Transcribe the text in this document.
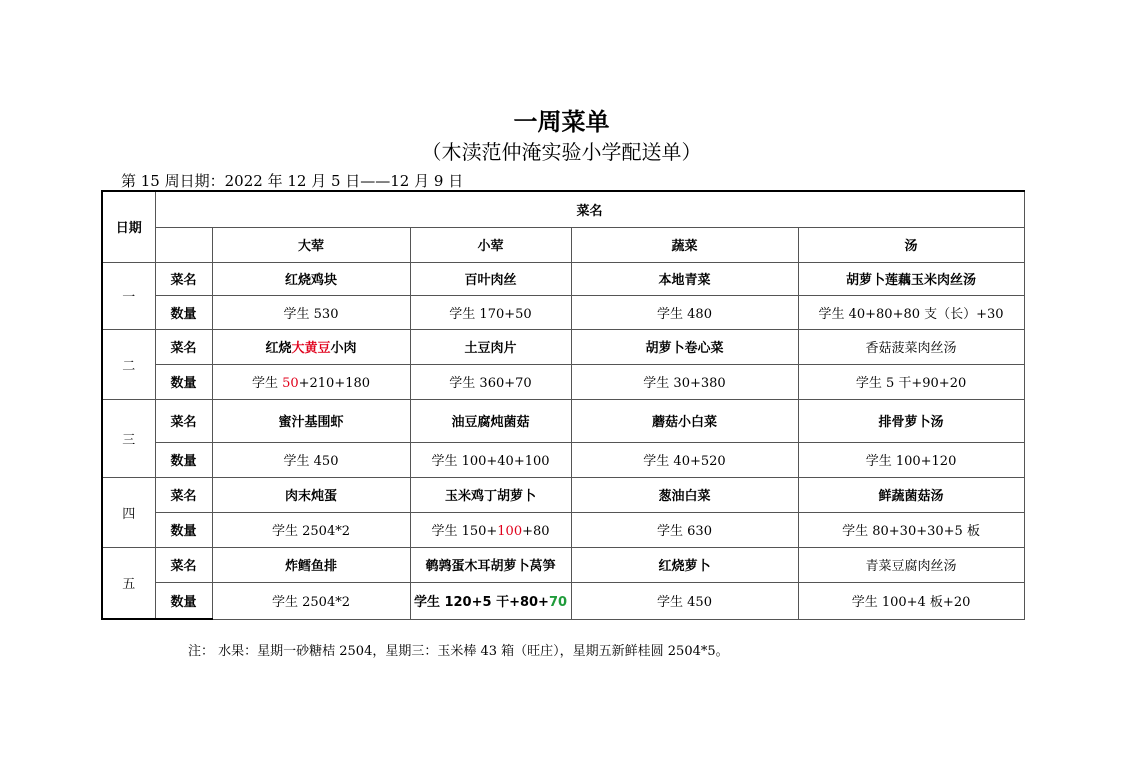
一周菜单
（木渎范仲淹实验小学配送单）
第 15 周日期：2022 年 12 月 5 日——12 月 9 日
日期	菜名				
		大荤	小荤	蔬菜	汤
一	菜名	红烧鸡块	百叶肉丝	本地青菜	胡萝卜莲藕玉米肉丝汤
	数量	学生 530	学生 170+50	学生 480	学生 40+80+80 支（长）+30
二	菜名	红烧大黄豆小肉	土豆肉片	胡萝卜卷心菜	香菇菠菜肉丝汤
	数量	学生 50+210+180	学生 360+70	学生 30+380	学生 5 干+90+20
三	菜名	蜜汁基围虾	油豆腐炖菌菇	蘑菇小白菜	排骨萝卜汤
	数量	学生 450	学生 100+40+100	学生 40+520	学生 100+120
四	菜名	肉末炖蛋	玉米鸡丁胡萝卜	葱油白菜	鲜蔬菌菇汤
	数量	学生 2504*2	学生 150+100+80	学生 630	学生 80+30+30+5 板
五	菜名	炸鳕鱼排	鹌鹑蛋木耳胡萝卜莴笋	红烧萝卜	青菜豆腐肉丝汤
	数量	学生 2504*2	学生 120+5 干+80+70	学生 450	学生 100+4 板+20
注： 水果：星期一砂糖桔 2504，星期三：玉米棒 43 箱（旺庄），星期五新鲜桂圆 2504*5。
